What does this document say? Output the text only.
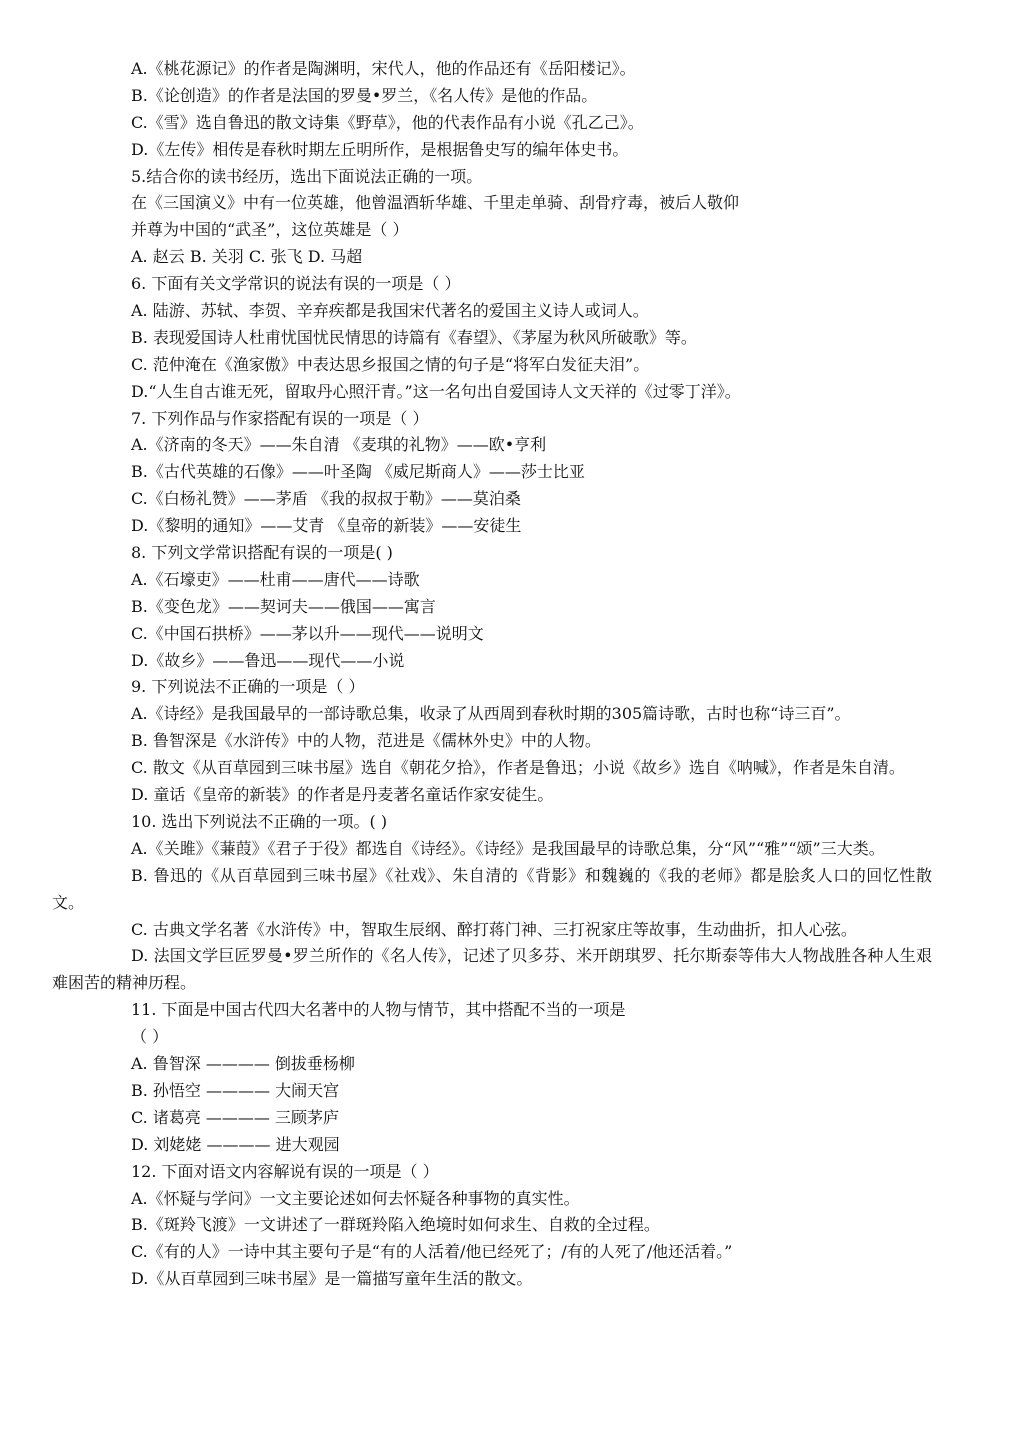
A.《桃花源记》的作者是陶渊明，宋代人，他的作品还有《岳阳楼记》。
B.《论创造》的作者是法国的罗曼•罗兰，《名人传》是他的作品。
C.《雪》选自鲁迅的散文诗集《野草》，他的代表作品有小说《孔乙己》。
D.《左传》相传是春秋时期左丘明所作，是根据鲁史写的编年体史书。
5.结合你的读书经历，选出下面说法正确的一项。
在《三国演义》中有一位英雄，他曾温酒斩华雄、千里走单骑、刮骨疗毒，被后人敬仰
并尊为中国的“武圣”，这位英雄是（ ）
A. 赵云 B. 关羽 C. 张飞 D. 马超
6. 下面有关文学常识的说法有误的一项是（ ）
A. 陆游、苏轼、李贺、辛弃疾都是我国宋代著名的爱国主义诗人或词人。
B. 表现爱国诗人杜甫忧国忧民情思的诗篇有《春望》、《茅屋为秋风所破歌》等。
C. 范仲淹在《渔家傲》中表达思乡报国之情的句子是“将军白发征夫泪”。
D.“人生自古谁无死，留取丹心照汗青。”这一名句出自爱国诗人文天祥的《过零丁洋》。
7. 下列作品与作家搭配有误的一项是（ ）
A.《济南的冬天》——朱自清 《麦琪的礼物》——欧•亨利
B.《古代英雄的石像》——叶圣陶 《威尼斯商人》——莎士比亚
C.《白杨礼赞》——茅盾 《我的叔叔于勒》——莫泊桑
D.《黎明的通知》——艾青 《皇帝的新装》——安徒生
8. 下列文学常识搭配有误的一项是( )
A.《石壕吏》——杜甫——唐代——诗歌
B.《变色龙》——契诃夫——俄国——寓言
C.《中国石拱桥》——茅以升——现代——说明文
D.《故乡》——鲁迅——现代——小说
9. 下列说法不正确的一项是（ ）
A.《诗经》是我国最早的一部诗歌总集，收录了从西周到春秋时期的305篇诗歌，古时也称“诗三百”。
B. 鲁智深是《水浒传》中的人物，范进是《儒林外史》中的人物。
C. 散文《从百草园到三味书屋》选自《朝花夕拾》，作者是鲁迅；小说《故乡》选自《呐喊》，作者是朱自清。
D. 童话《皇帝的新装》的作者是丹麦著名童话作家安徒生。
10. 选出下列说法不正确的一项。( )
A.《关雎》《蒹葭》《君子于役》都选自《诗经》。《诗经》是我国最早的诗歌总集，分“风”“雅”“颂”三大类。
B. 鲁迅的《从百草园到三味书屋》《社戏》、朱自清的《背影》和魏巍的《我的老师》都是脍炙人口的回忆性散文。
C. 古典文学名著《水浒传》中，智取生辰纲、醉打蒋门神、三打祝家庄等故事，生动曲折，扣人心弦。
D. 法国文学巨匠罗曼•罗兰所作的《名人传》，记述了贝多芬、米开朗琪罗、托尔斯泰等伟大人物战胜各种人生艰难困苦的精神历程。
11. 下面是中国古代四大名著中的人物与情节，其中搭配不当的一项是
（ ）
A. 鲁智深 ———— 倒拔垂杨柳
B. 孙悟空 ———— 大闹天宫
C. 诸葛亮 ———— 三顾茅庐
D. 刘姥姥 ———— 进大观园
12. 下面对语文内容解说有误的一项是（ ）
A.《怀疑与学问》一文主要论述如何去怀疑各种事物的真实性。
B.《斑羚飞渡》一文讲述了一群斑羚陷入绝境时如何求生、自救的全过程。
C.《有的人》一诗中其主要句子是“有的人活着/他已经死了；/有的人死了/他还活着。”
D.《从百草园到三味书屋》是一篇描写童年生活的散文。
